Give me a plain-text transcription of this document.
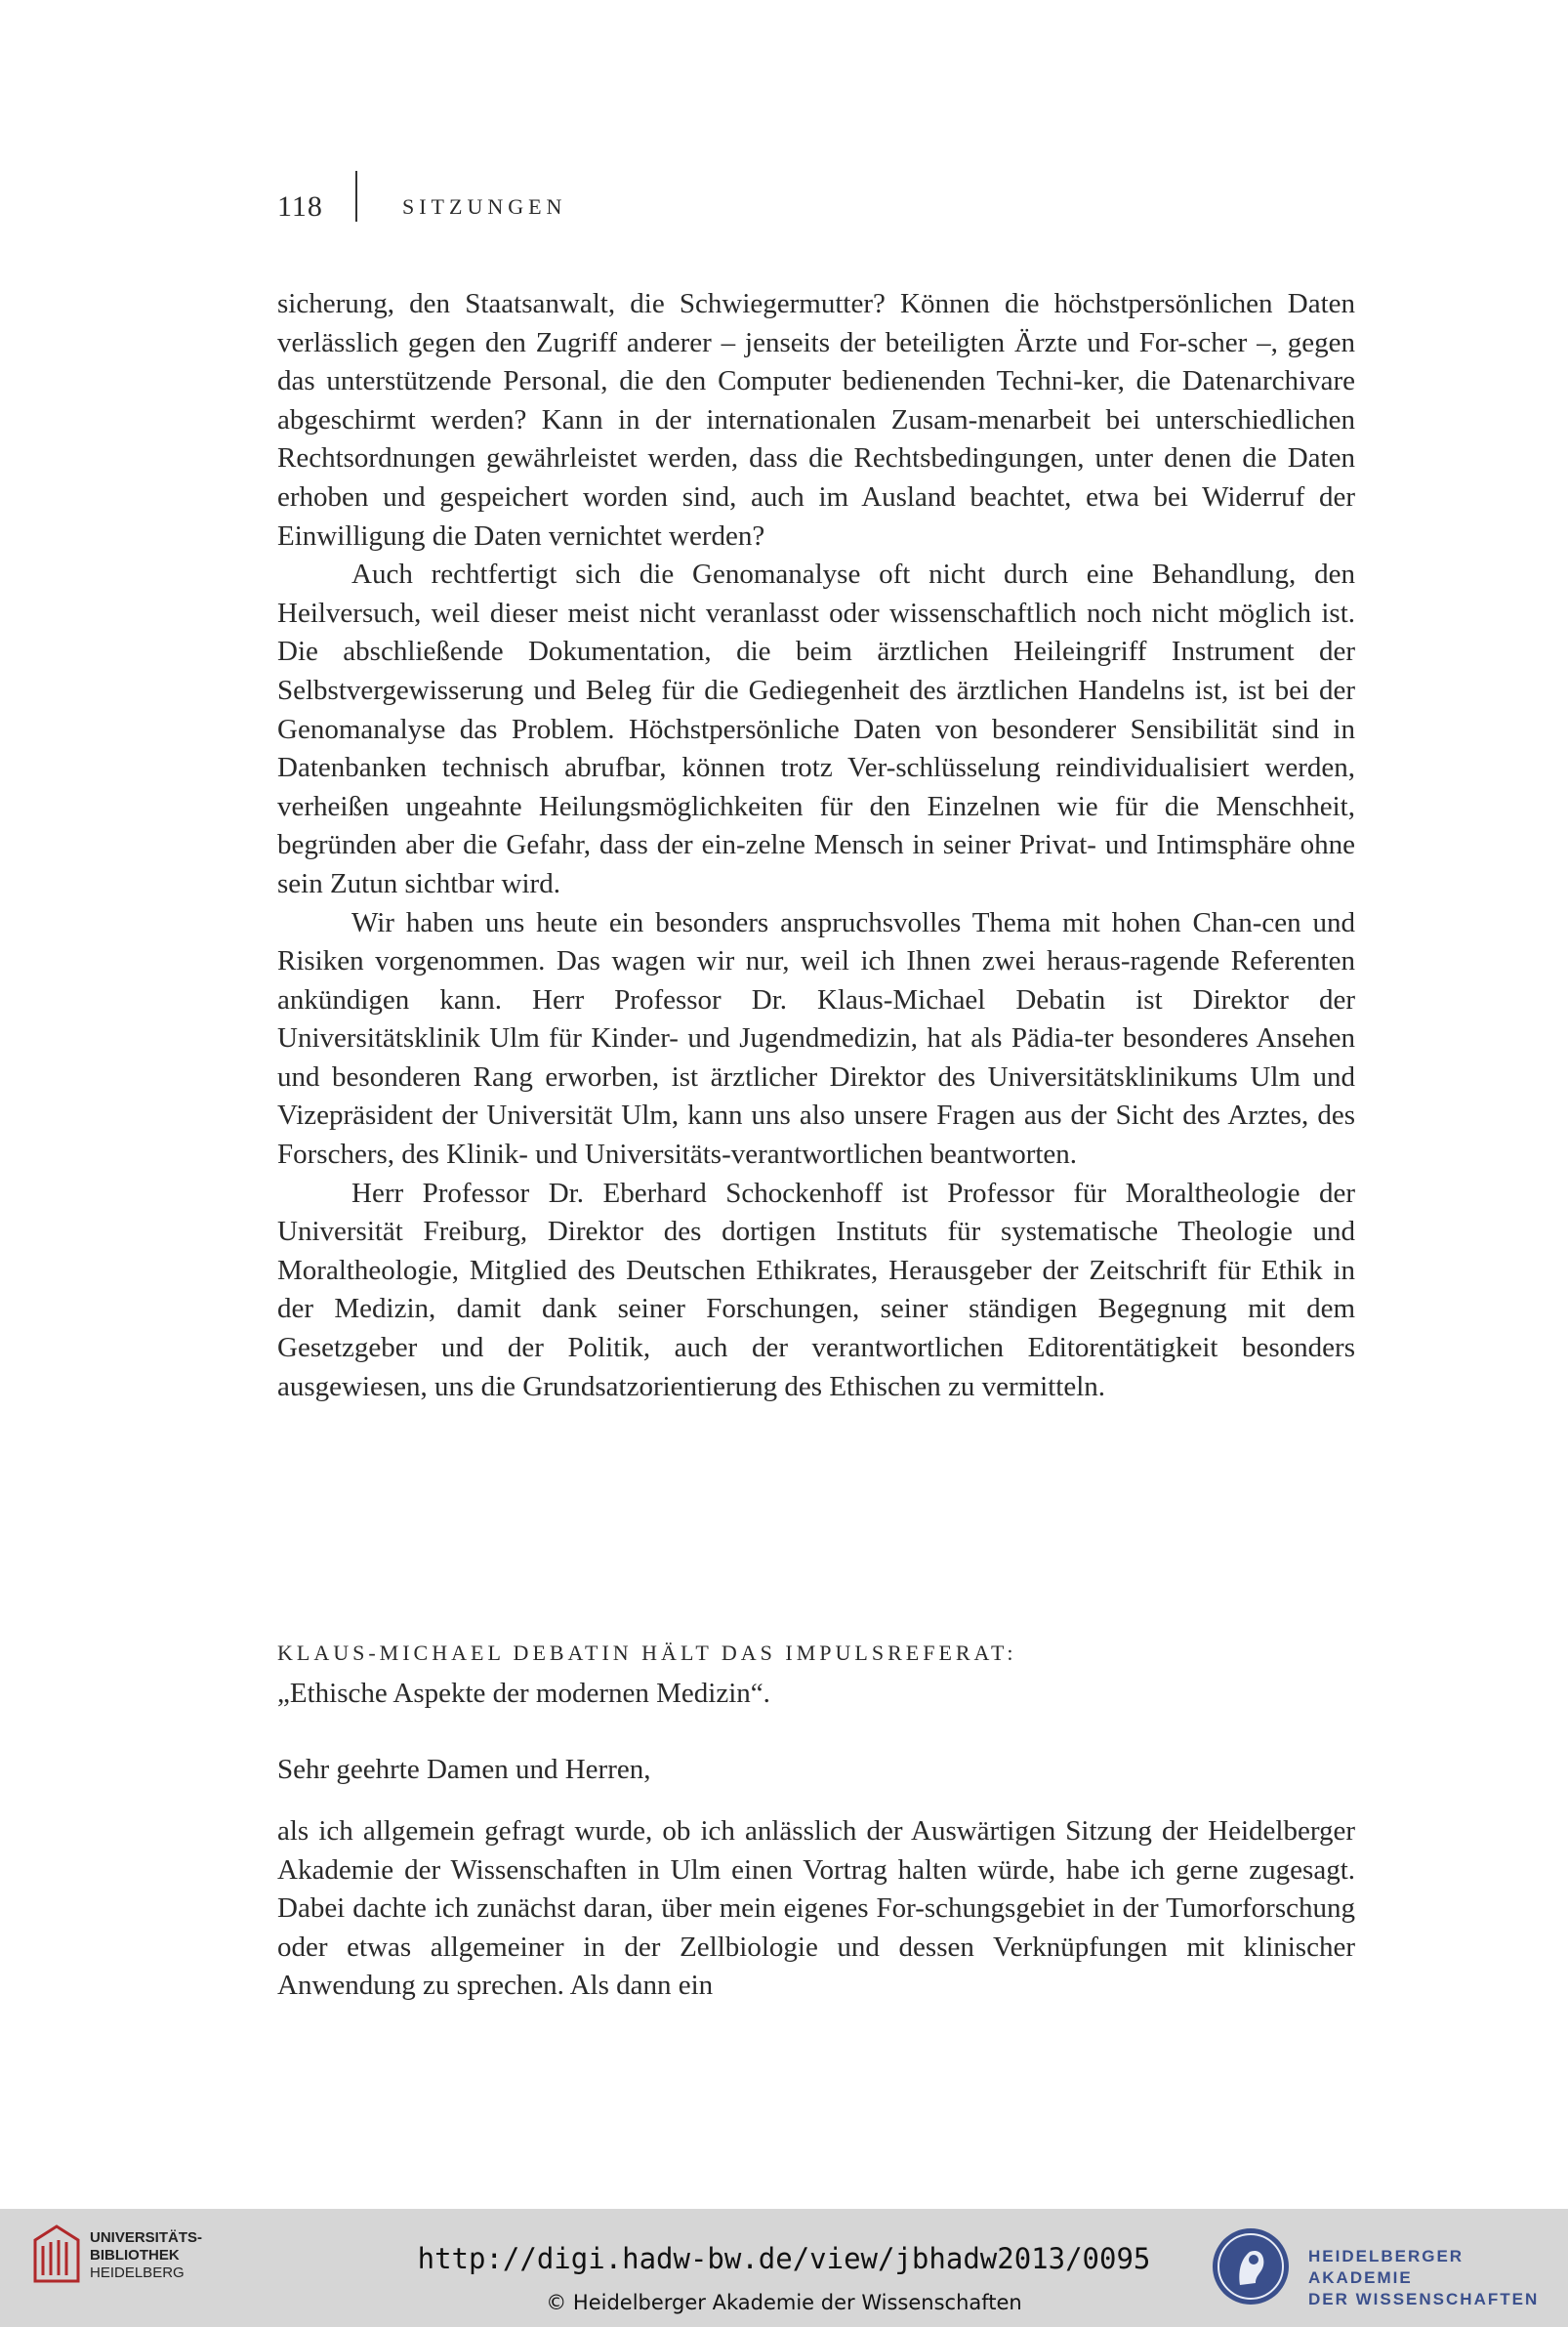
118	SITZUNGEN

sicherung, den Staatsanwalt, die Schwiegermutter? Können die höchstpersönlichen Daten verlässlich gegen den Zugriff anderer – jenseits der beteiligten Ärzte und For-scher –, gegen das unterstützende Personal, die den Computer bedienenden Techni-ker, die Datenarchivare abgeschirmt werden? Kann in der internationalen Zusam-menarbeit bei unterschiedlichen Rechtsordnungen gewährleistet werden, dass die Rechtsbedingungen, unter denen die Daten erhoben und gespeichert worden sind, auch im Ausland beachtet, etwa bei Widerruf der Einwilligung die Daten vernichtet werden?

Auch rechtfertigt sich die Genomanalyse oft nicht durch eine Behandlung, den Heilversuch, weil dieser meist nicht veranlasst oder wissenschaftlich noch nicht möglich ist. Die abschließende Dokumentation, die beim ärztlichen Heileingriff Instrument der Selbstvergewisserung und Beleg für die Gediegenheit des ärztlichen Handelns ist, ist bei der Genomanalyse das Problem. Höchstpersönliche Daten von besonderer Sensibilität sind in Datenbanken technisch abrufbar, können trotz Ver-schlüsselung reindividualisiert werden, verheißen ungeahnte Heilungsmöglichkeiten für den Einzelnen wie für die Menschheit, begründen aber die Gefahr, dass der ein-zelne Mensch in seiner Privat- und Intimsphäre ohne sein Zutun sichtbar wird.

Wir haben uns heute ein besonders anspruchsvolles Thema mit hohen Chan-cen und Risiken vorgenommen. Das wagen wir nur, weil ich Ihnen zwei heraus-ragende Referenten ankündigen kann. Herr Professor Dr. Klaus-Michael Debatin ist Direktor der Universitätsklinik Ulm für Kinder- und Jugendmedizin, hat als Pädia-ter besonderes Ansehen und besonderen Rang erworben, ist ärztlicher Direktor des Universitätsklinikums Ulm und Vizepräsident der Universität Ulm, kann uns also unsere Fragen aus der Sicht des Arztes, des Forschers, des Klinik- und Universitäts-verantwortlichen beantworten.

Herr Professor Dr. Eberhard Schockenhoff ist Professor für Moraltheologie der Universität Freiburg, Direktor des dortigen Instituts für systematische Theologie und Moraltheologie, Mitglied des Deutschen Ethikrates, Herausgeber der Zeitschrift für Ethik in der Medizin, damit dank seiner Forschungen, seiner ständigen Begegnung mit dem Gesetzgeber und der Politik, auch der verantwortlichen Editorentätigkeit besonders ausgewiesen, uns die Grundsatzorientierung des Ethischen zu vermitteln.

KLAUS-MICHAEL DEBATIN HÄLT DAS IMPULSREFERAT:
„Ethische Aspekte der modernen Medizin“.
Sehr geehrte Damen und Herren,

als ich allgemein gefragt wurde, ob ich anlässlich der Auswärtigen Sitzung der Heidelberger Akademie der Wissenschaften in Ulm einen Vortrag halten würde, habe ich gerne zugesagt. Dabei dachte ich zunächst daran, über mein eigenes For-schungsgebiet in der Tumorforschung oder etwas allgemeiner in der Zellbiologie und dessen Verknüpfungen mit klinischer Anwendung zu sprechen. Als dann ein

UNIVERSITÄTS-
BIBLIOTHEK
HEIDELBERG	http://digi.hadw-bw.de/view/jbhadw2013/0095
© Heidelberger Akademie der Wissenschaften
HEIDELBERGER AKADEMIE
DER WISSENSCHAFTEN
